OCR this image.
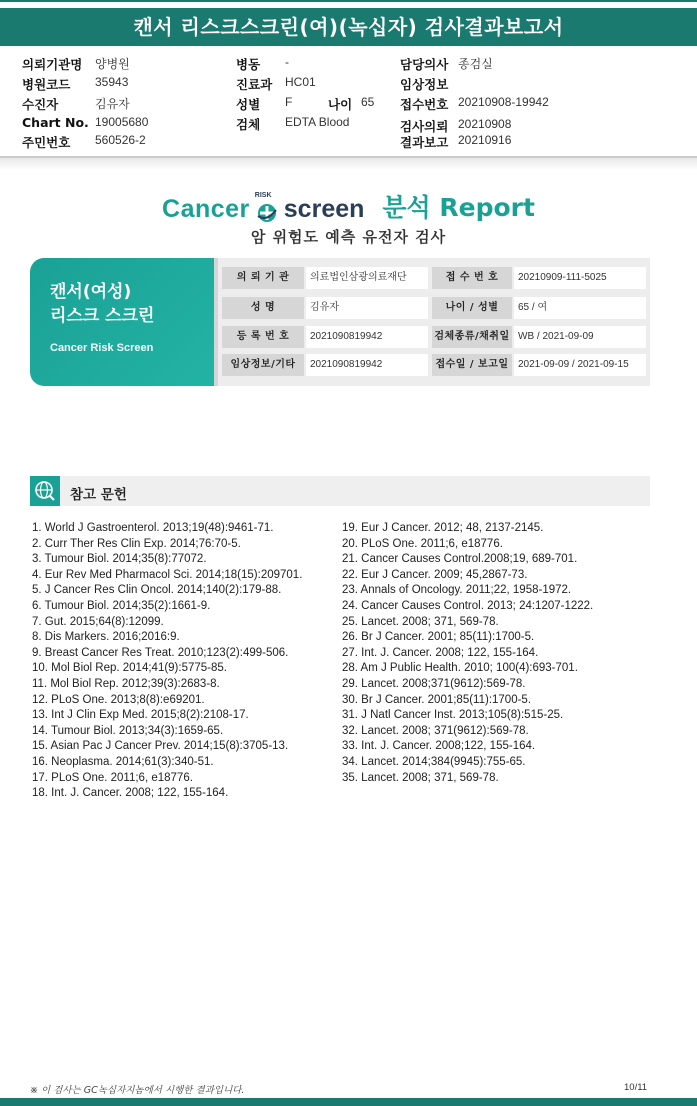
캔서 리스크스크린(여)(녹십자) 검사결과보고서
의뢰기관명 양병원	병동 -	담당의사 종검실
병원코드 35943	진료과 HC01	임상정보
수진자	김유자	성별 F	나이 65 접수번호 20210908-19942
Chart No. 19005680	검체 EDTA Blood	검사의뢰 20210908
주민번호 560526-2	결과보고 20210916
Cancer RISK screen 분석 Report
암 위험도 예측 유전자 검사
캔서(여성)
리스크 스크린
Cancer Risk Screen
의 뢰 기 관	의료법인삼광의료재단	접 수 번 호	20210909-111-5025
성 명	김유자	나이 / 성별	65 / 여
등 록 번 호	2021090819942	검체종류/채취일 WB / 2021-09-09
임상정보/기타	2021090819942	접수일 / 보고일 2021-09-09 / 2021-09-15
참고 문헌
1. World J Gastroenterol. 2013;19(48):9461-71.
2. Curr Ther Res Clin Exp. 2014;76:70-5.
3. Tumour Biol. 2014;35(8):77072.
4. Eur Rev Med Pharmacol Sci. 2014;18(15):209701.
5. J Cancer Res Clin Oncol. 2014;140(2):179-88.
6. Tumour Biol. 2014;35(2):1661-9.
7. Gut. 2015;64(8):12099.
8. Dis Markers. 2016;2016:9.
9. Breast Cancer Res Treat. 2010;123(2):499-506.
10. Mol Biol Rep. 2014;41(9):5775-85.
11. Mol Biol Rep. 2012;39(3):2683-8.
12. PLoS One. 2013;8(8):e69201.
13. Int J Clin Exp Med. 2015;8(2):2108-17.
14. Tumour Biol. 2013;34(3):1659-65.
15. Asian Pac J Cancer Prev. 2014;15(8):3705-13.
16. Neoplasma. 2014;61(3):340-51.
17. PLoS One. 2011;6, e18776.
18. Int. J. Cancer. 2008; 122, 155-164.
19. Eur J Cancer. 2012; 48, 2137-2145.
20. PLoS One. 2011;6, e18776.
21. Cancer Causes Control.2008;19, 689-701.
22. Eur J Cancer. 2009; 45,2867-73.
23. Annals of Oncology. 2011;22, 1958-1972.
24. Cancer Causes Control. 2013; 24:1207-1222.
25. Lancet. 2008; 371, 569-78.
26. Br J Cancer. 2001; 85(11):1700-5.
27. Int. J. Cancer. 2008; 122, 155-164.
28. Am J Public Health. 2010; 100(4):693-701.
29. Lancet. 2008;371(9612):569-78.
30. Br J Cancer. 2001;85(11):1700-5.
31. J Natl Cancer Inst. 2013;105(8):515-25.
32. Lancet. 2008; 371(9612):569-78.
33. Int. J. Cancer. 2008;122, 155-164.
34. Lancet. 2014;384(9945):755-65.
35. Lancet. 2008; 371, 569-78.
※ 이 검사는 GC녹십자지놈에서 시행한 결과입니다.	10/11
